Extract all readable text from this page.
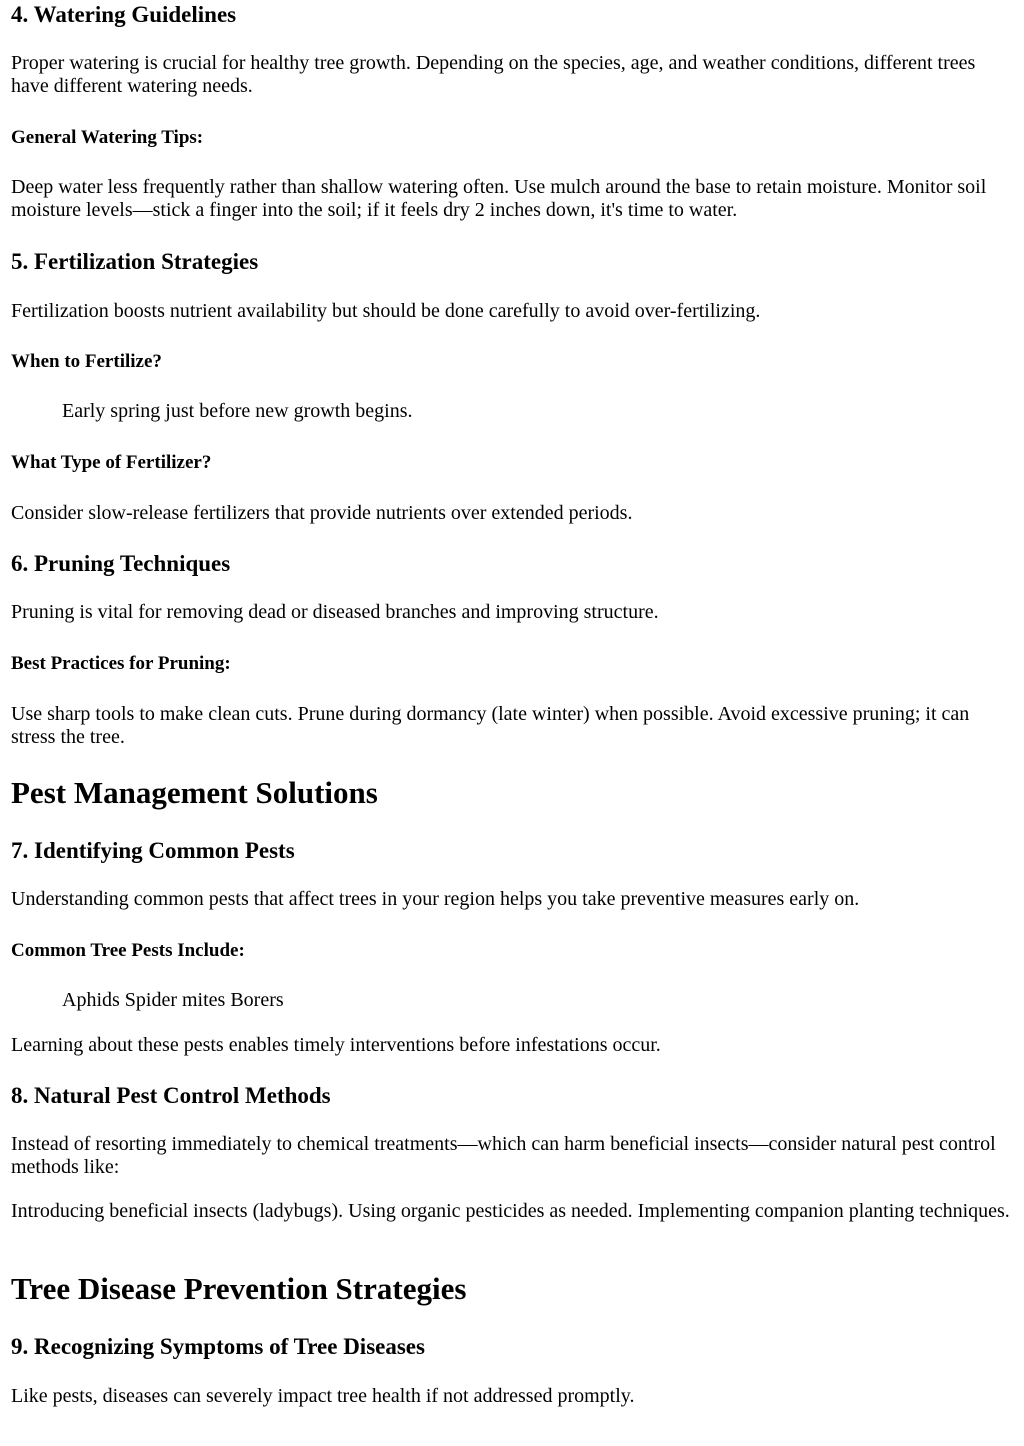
4. Watering Guidelines

Proper watering is crucial for healthy tree growth. Depending on the species, age, and weather conditions, different trees have different watering needs.

General Watering Tips:

Deep water less frequently rather than shallow watering often. Use mulch around the base to retain moisture. Monitor soil moisture levels—stick a finger into the soil; if it feels dry 2 inches down, it's time to water.

5. Fertilization Strategies

Fertilization boosts nutrient availability but should be done carefully to avoid over-fertilizing.

When to Fertilize?

Early spring just before new growth begins.

What Type of Fertilizer?

Consider slow-release fertilizers that provide nutrients over extended periods.

6. Pruning Techniques

Pruning is vital for removing dead or diseased branches and improving structure.

Best Practices for Pruning:

Use sharp tools to make clean cuts. Prune during dormancy (late winter) when possible. Avoid excessive pruning; it can stress the tree.

Pest Management Solutions
7. Identifying Common Pests

Understanding common pests that affect trees in your region helps you take preventive measures early on.

Common Tree Pests Include:

Aphids Spider mites Borers

Learning about these pests enables timely interventions before infestations occur.

8. Natural Pest Control Methods

Instead of resorting immediately to chemical treatments—which can harm beneficial insects—consider natural pest control methods like:

Introducing beneficial insects (ladybugs). Using organic pesticides as needed. Implementing companion planting techniques.

Tree Disease Prevention Strategies
9. Recognizing Symptoms of Tree Diseases

Like pests, diseases can severely impact tree health if not addressed promptly.
